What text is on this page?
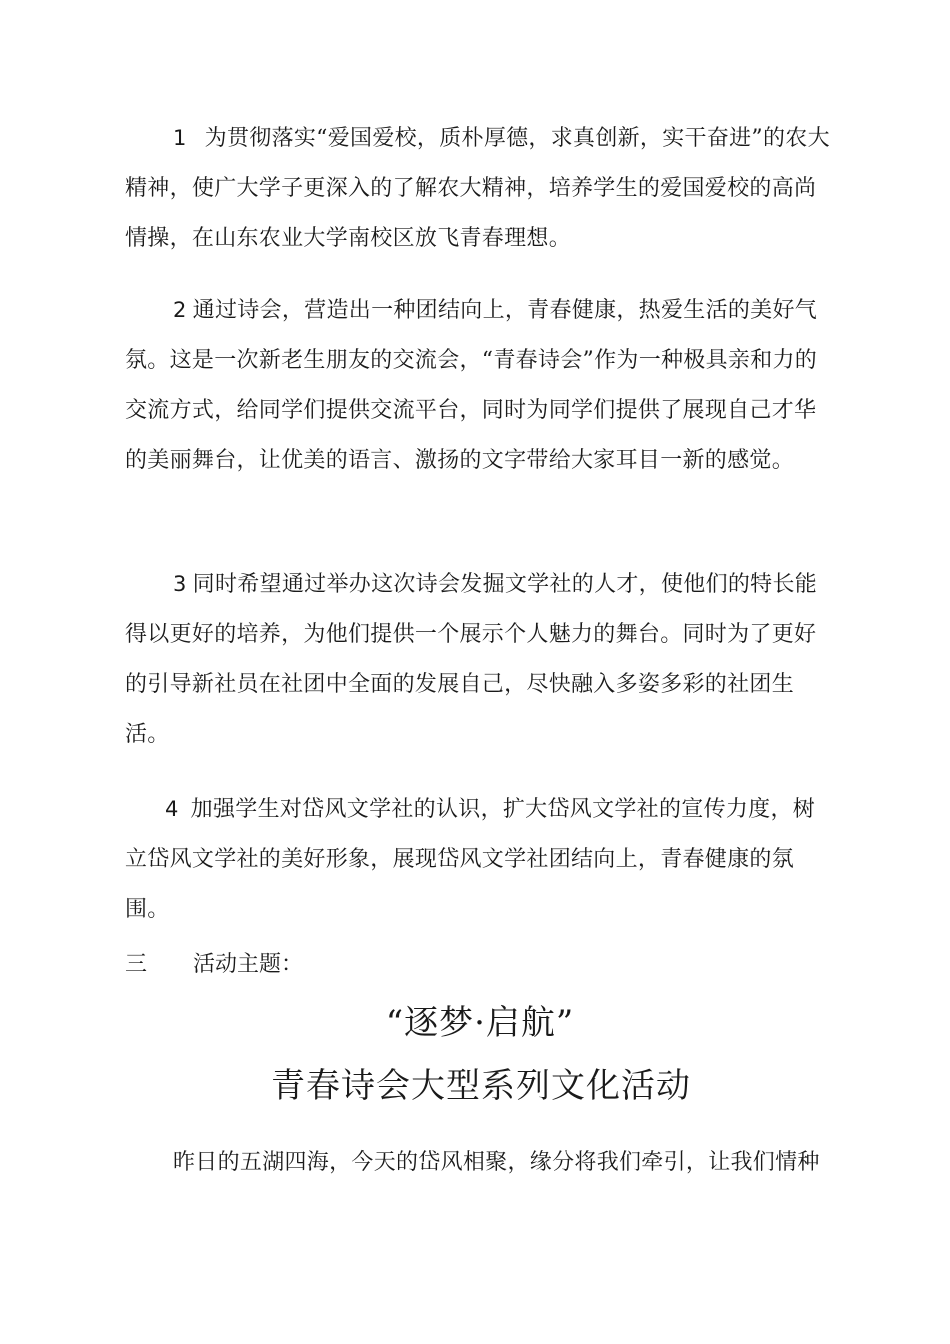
1 为贯彻落实“爱国爱校，质朴厚德，求真创新，实干奋进”的农大精神，使广大学子更深入的了解农大精神，培养学生的爱国爱校的高尚情操，在山东农业大学南校区放飞青春理想。

2 通过诗会，营造出一种团结向上，青春健康，热爱生活的美好气氛。这是一次新老生朋友的交流会，“青春诗会”作为一种极具亲和力的交流方式，给同学们提供交流平台，同时为同学们提供了展现自己才华的美丽舞台，让优美的语言、激扬的文字带给大家耳目一新的感觉。

3 同时希望通过举办这次诗会发掘文学社的人才，使他们的特长能得以更好的培养，为他们提供一个展示个人魅力的舞台。同时为了更好的引导新社员在社团中全面的发展自己，尽快融入多姿多彩的社团生活。

4 加强学生对岱风文学社的认识，扩大岱风文学社的宣传力度，树立岱风文学社的美好形象，展现岱风文学社团结向上，青春健康的氛围。

三 活动主题：

“逐梦·启航”

青春诗会大型系列文化活动

昨日的五湖四海，今天的岱风相聚，缘分将我们牵引，让我们情种
